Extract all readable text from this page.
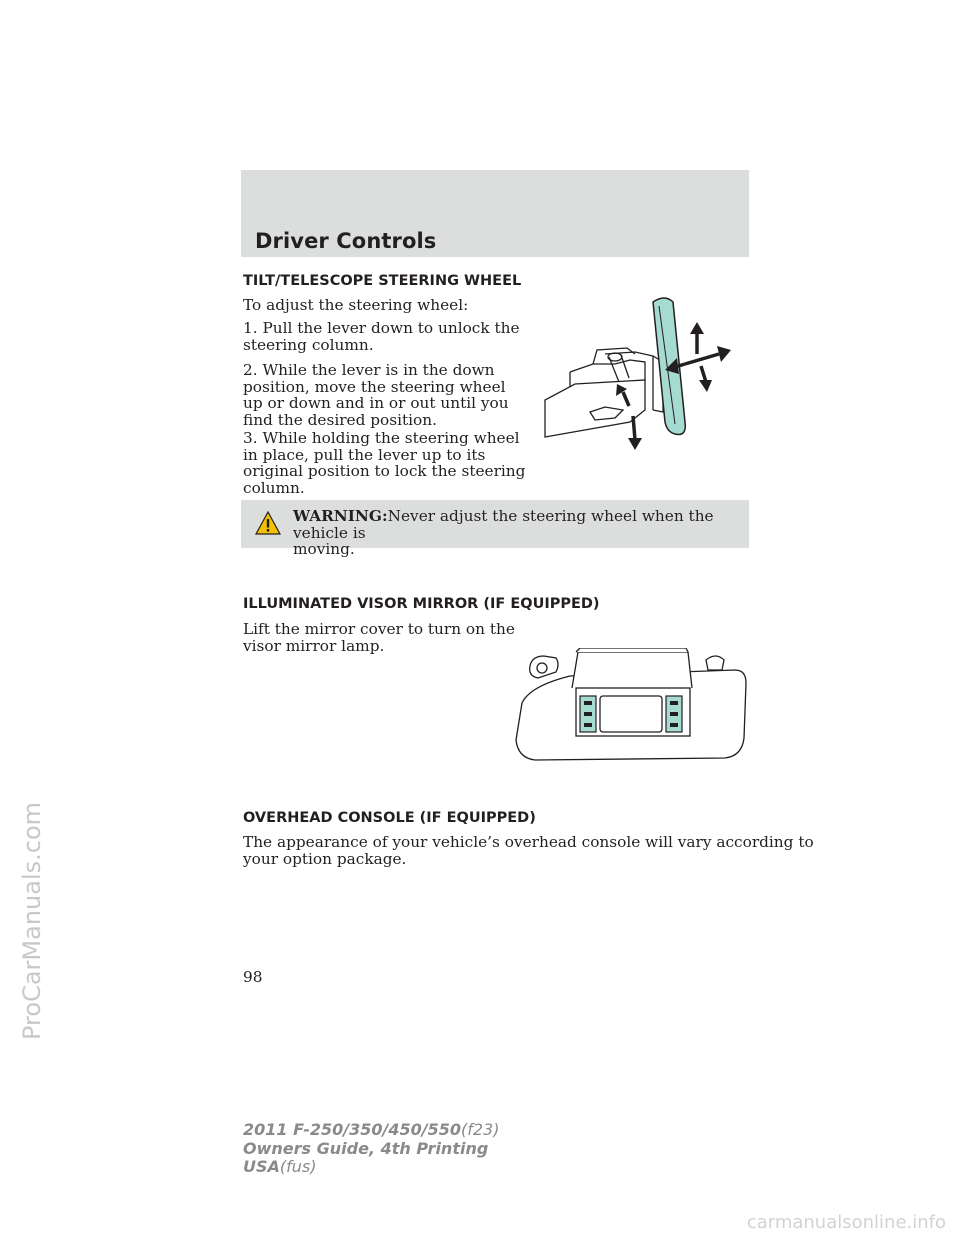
Driver Controls
TILT/TELESCOPE STEERING WHEEL
To adjust the steering wheel:
1. Pull the lever down to unlock the
steering column.
2. While the lever is in the down
position, move the steering wheel
up or down and in or out until you
find the desired position.
3. While holding the steering wheel
in place, pull the lever up to its
original position to lock the steering
column.
WARNING:Never adjust the steering wheel when the vehicle is
moving.
ILLUMINATED VISOR MIRROR (IF EQUIPPED)
Lift the mirror cover to turn on the
visor mirror lamp.
OVERHEAD CONSOLE (IF EQUIPPED)
The appearance of your vehicle’s overhead console will vary according to
your option package.
98
2011 F-250/350/450/550(f23)
Owners Guide, 4th Printing
USA(fus)
ProCarManuals.com
carmanualsonline.info
